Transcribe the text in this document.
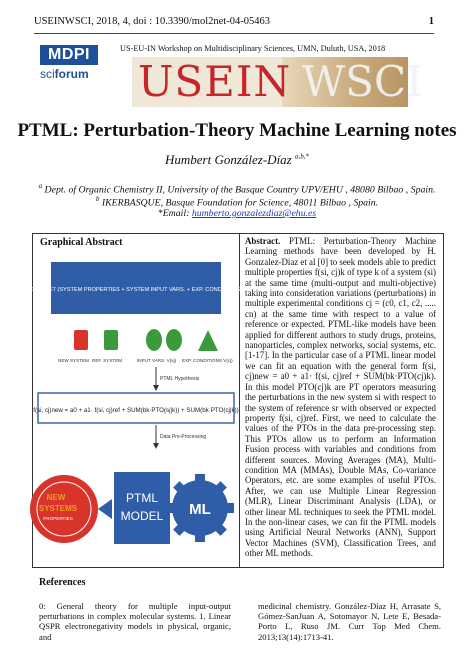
USEINWSCI, 2018, 4, doi : 10.3390/mol2net-04-05463	1
MDPI
sciforum
US-EU-IN Workshop on Multidisciplinary Sciences, UMN, Duluth, USA, 2018
USEIN WSCI
PTML: Perturbation-Theory Machine Learning notes
Humbert González-Díaz $^{a,b,*}$
$^a$ Dept. of Organic Chemistry II, University of the Basque Country UPV/EHU , 48080 Bilbao , Spain.
$^b$ IKERBASQUE, Basque Foundation for Science, 48011 Bilbao , Spain.
*Email: humberto.gonzalezdiaz@ehu.es
Graphical Abstract
DATA SET (SYSTEM PROPERTIES + SYSTEM INPUT VARS. + EXP. CONDITIONS)
NEW SYSTEM REF. SYSTEM	INPUT VARS. V(sj) EXP. CONDITIONS V(cj)
PTML Hypothesis
f(si, cj)new = a0 + a1· f(si, cj)ref + SUM(bk·PTO(sj|k)) + SUM(bk·PTO(cj|k))
Data Pre-Processing
NEW
SYSTEMS
PROPERTIES
PTML
MODEL ML
Abstract. PTML: Perturbation-Theory Machine Learning methods have been developed by H. Gonzalez-Diaz et al [0] to seek models able to predict multiple properties f(si, cj)k of type k of a system (si) at the same time (multi-output and multi-objective) taking into consideration variations (perturbations) in multiple experimental conditions cj = (c0, c1, c2, ..... cn) at the same time with respect to a value of reference or expected. PTML-like models have been applied for different authors to study drugs, proteins, nanoparticles, complex networks, social systems, etc. [1-17]. In the particular case of a PTML linear model we can fit an equation with the general form f(si, cj)new = a0 + a1· f(si, cj)ref + SUM(bk·PTO(cj)k). In this model PTO(cj)k are PT operators measuring the perturbations in the new system si with respect to the system of reference sr with observed or expected property f(si, cj)ref. First, we need to calculate the values of the PTOs in the data pre-processing step. This PTOs allow us to perform an Information Fusion process with variables and conditions from different sources. Moving Averages (MA), Multi-condition MA (MMAs), Double MAs, Co-variance Operators, etc. are some examples of useful PTOs. After, we can use Multiple Linear Regression (MLR), Linear Discriminant Analysis (LDA), or other linear ML techniques to seek the PTML model. In the non-linear cases, we can fit the PTML models using Artificial Neural Networks (ANN), Support Vector Machines (SVM), Classification Trees, and other ML methods.
References
0: General theory for multiple input-output perturbations in complex molecular systems. 1. Linear QSPR electronegativity models in physical, organic, and
medicinal chemistry. González-Díaz H, Arrasate S, Gómez-SanJuan A, Sotomayor N, Lete E, Besada-Porto L, Ruso JM. Curr Top Med Chem. 2013;13(14):1713-41.
